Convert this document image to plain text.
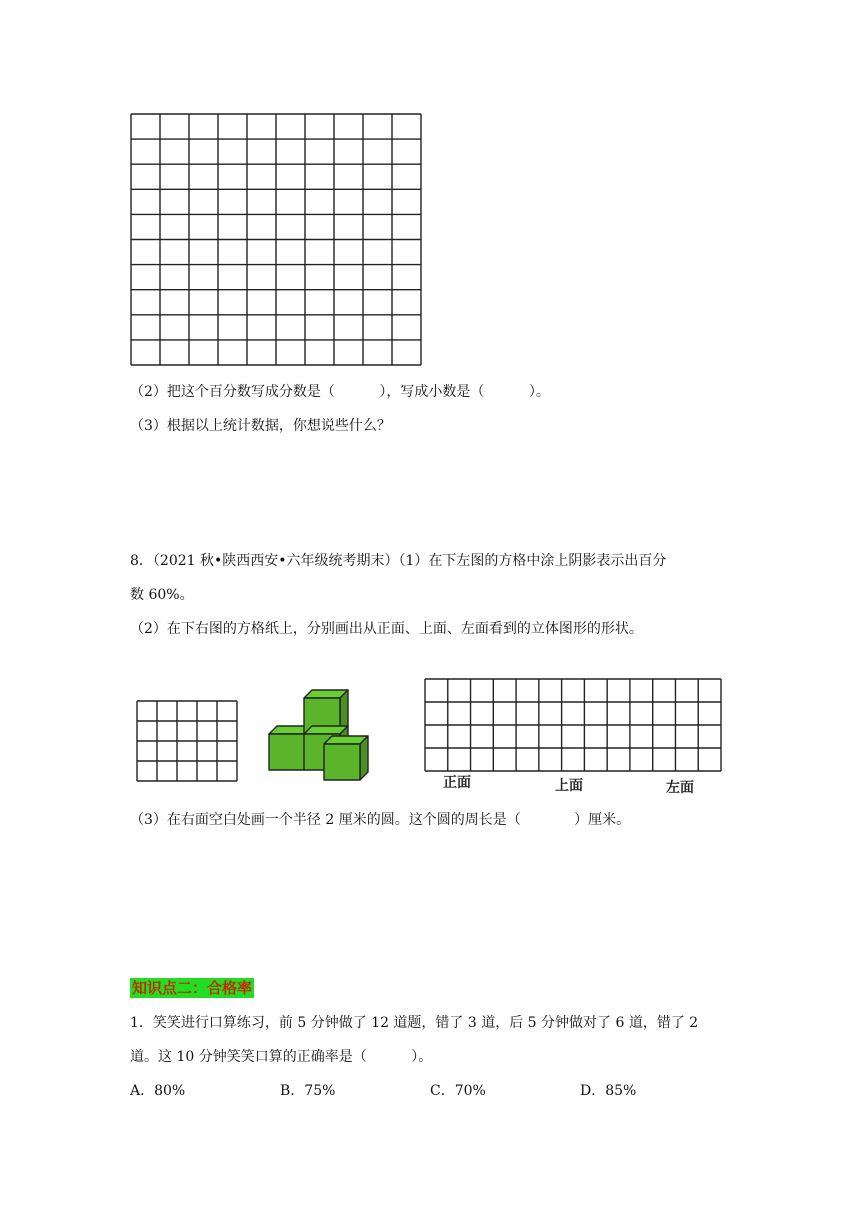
（2）把这个百分数写成分数是（          ），写成小数是（          ）。
（3）根据以上统计数据，你想说些什么？
8．（2021 秋•陕西西安•六年级统考期末）（1）在下左图的方格中涂上阴影表示出百分
数 60%。
（2）在下右图的方格纸上，分别画出从正面、上面、左面看到的立体图形的形状。
正面	上面	左面
（3）在右面空白处画一个半径 2 厘米的圆。这个圆的周长是（            ）厘米。
知识点二：合格率
1．笑笑进行口算练习，前 5 分钟做了 12 道题，错了 3 道，后 5 分钟做对了 6 道，错了 2
道。这 10 分钟笑笑口算的正确率是（          ）。
A．80%	B．75%	C．70%	D．85%
